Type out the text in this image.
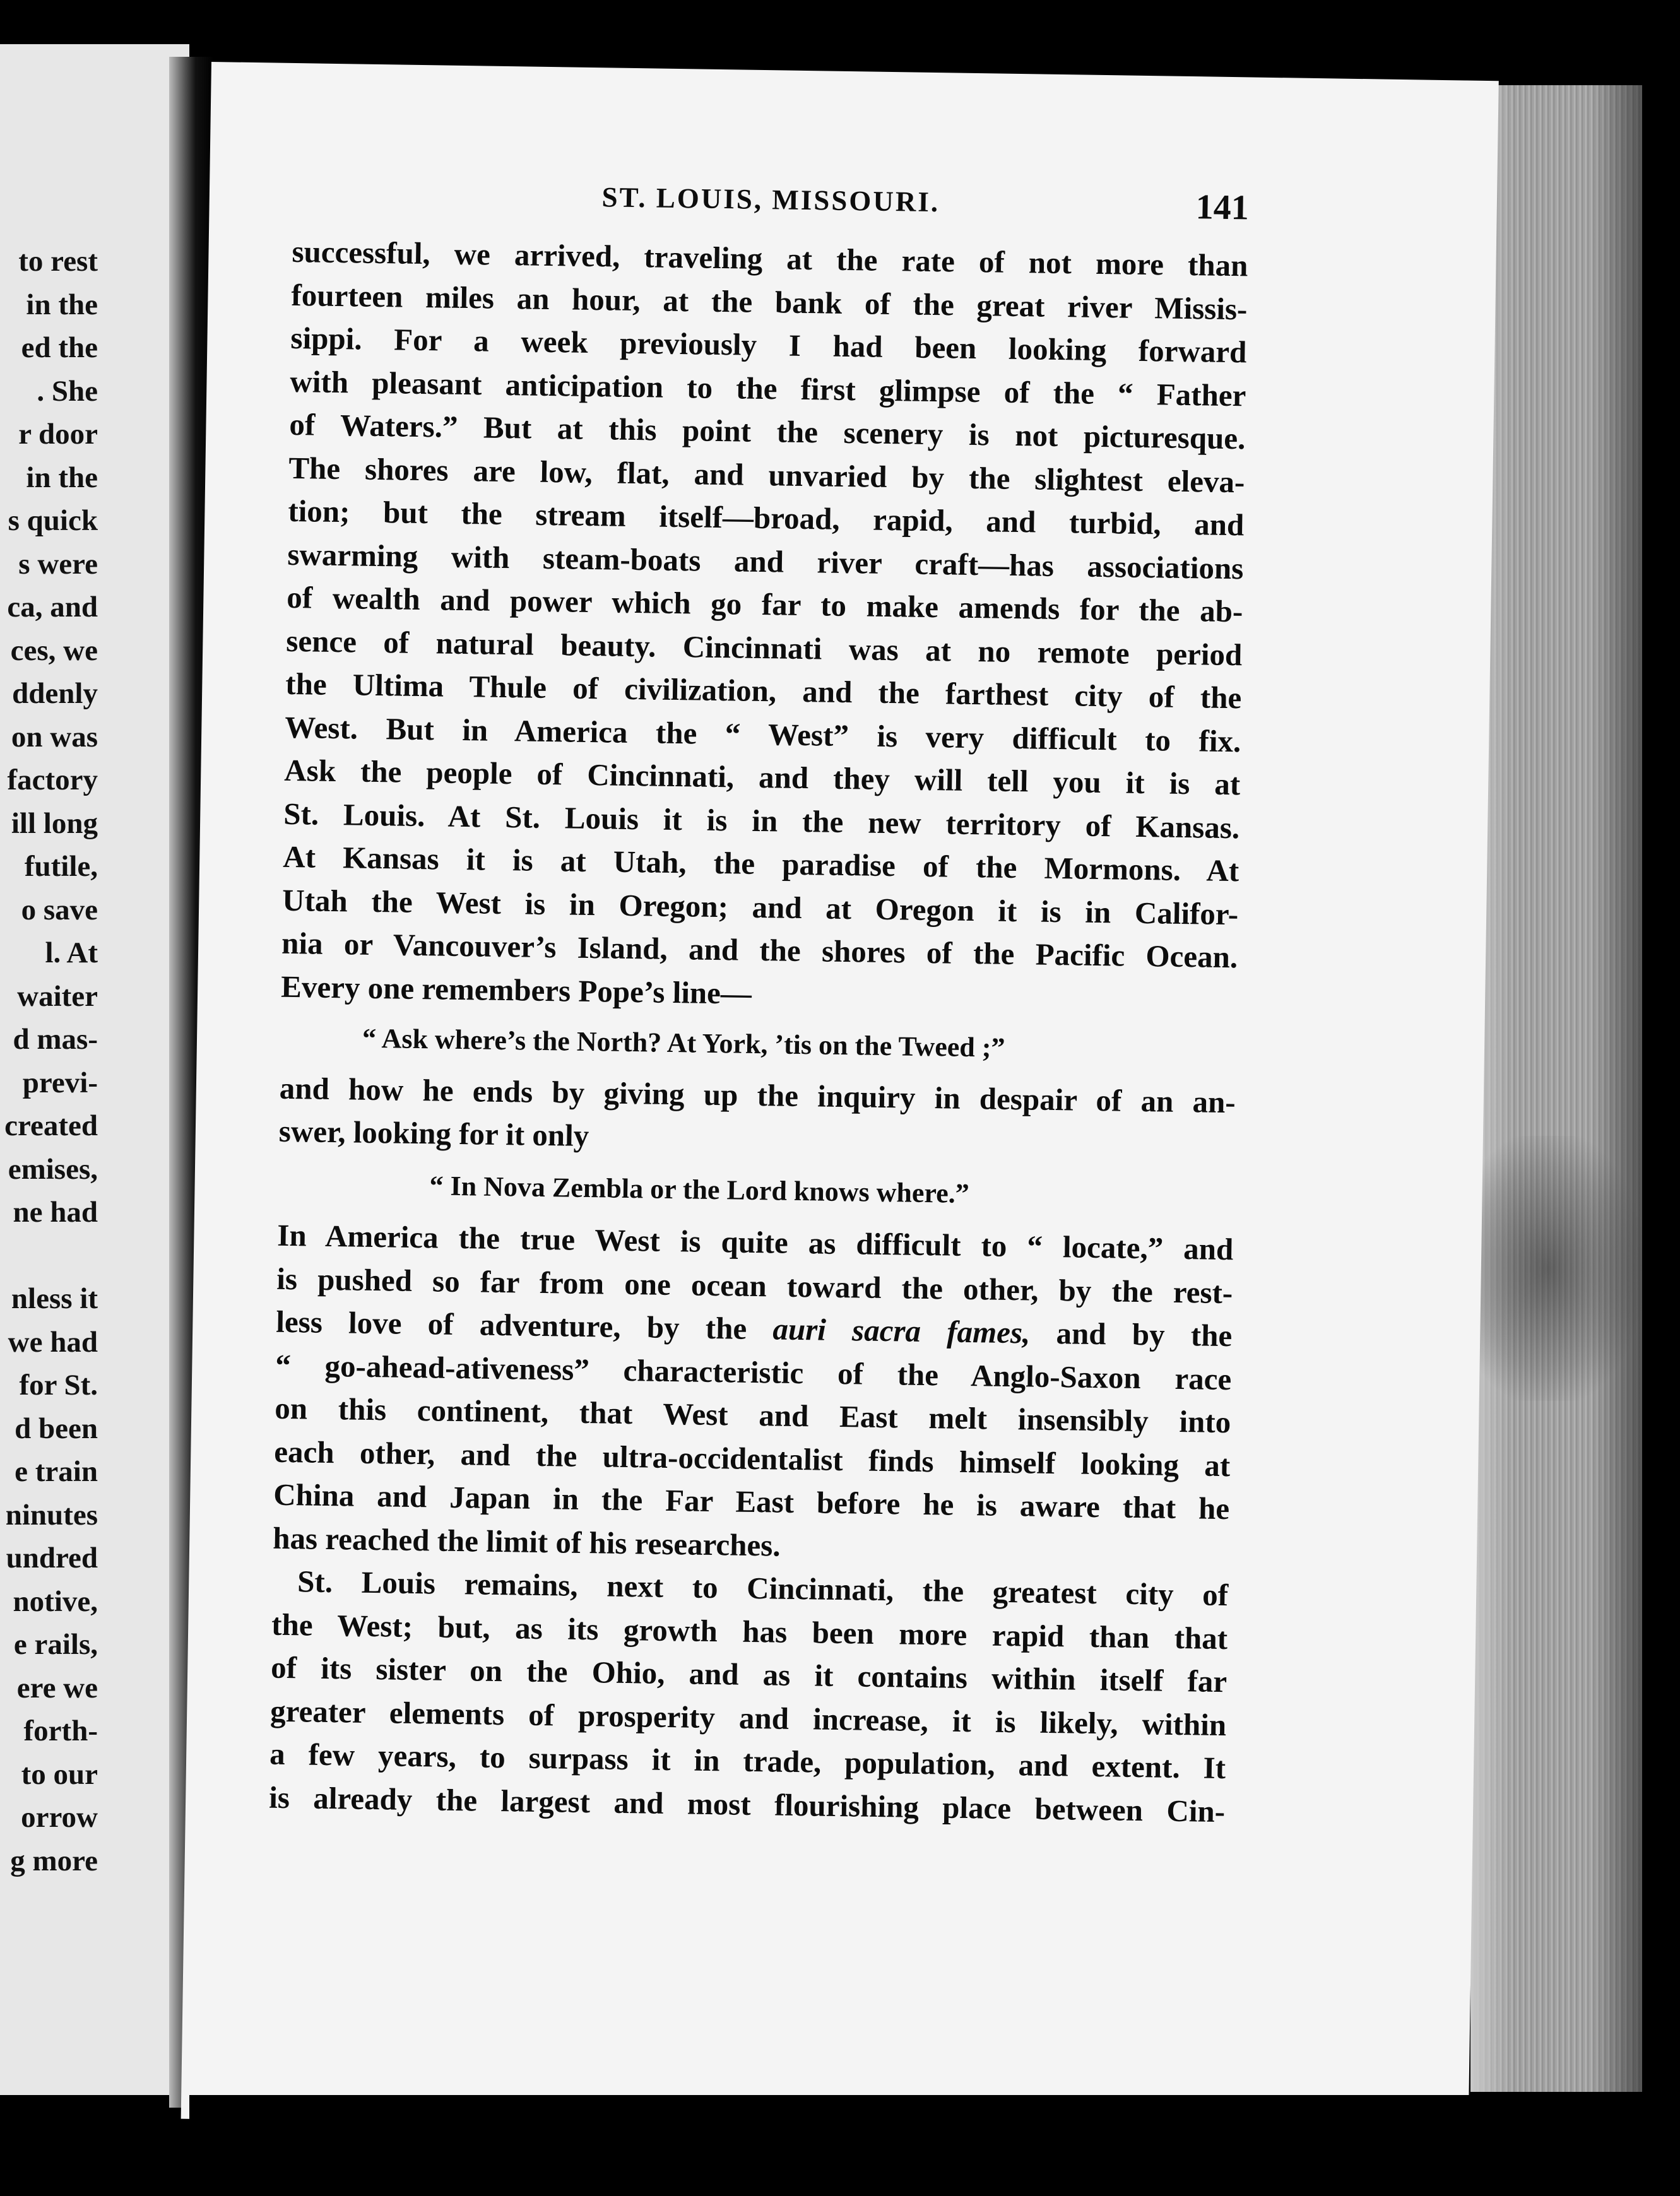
to rest
in the
ed the
. She
r door
in the
s quick
s were
ca, and
ces, we
ddenly
on was
factory
ill long
futile,
o save
l. At
waiter
d mas-
previ-
created
emises,
ne had
nless it
we had
for St.
d been
e train
ninutes
undred
notive,
e rails,
ere we
forth-
to our
orrow
g more
ST. LOUIS, MISSOURI.	141
successful, we arrived, traveling at the rate of not more than
fourteen miles an hour, at the bank of the great river Missis-
sippi. For a week previously I had been looking forward
with pleasant anticipation to the first glimpse of the “ Father
of Waters.” But at this point the scenery is not picturesque.
The shores are low, flat, and unvaried by the slightest eleva-
tion; but the stream itself—broad, rapid, and turbid, and
swarming with steam-boats and river craft—has associations
of wealth and power which go far to make amends for the ab-
sence of natural beauty. Cincinnati was at no remote period
the Ultima Thule of civilization, and the farthest city of the
West. But in America the “ West” is very difficult to fix.
Ask the people of Cincinnati, and they will tell you it is at
St. Louis. At St. Louis it is in the new territory of Kansas.
At Kansas it is at Utah, the paradise of the Mormons. At
Utah the West is in Oregon; and at Oregon it is in Califor-
nia or Vancouver’s Island, and the shores of the Pacific Ocean.
Every one remembers Pope’s line—
“ Ask where’s the North? At York, ’tis on the Tweed ;”
and how he ends by giving up the inquiry in despair of an an-
swer, looking for it only
“ In Nova Zembla or the Lord knows where.”
In America the true West is quite as difficult to “ locate,” and
is pushed so far from one ocean toward the other, by the rest-
less love of adventure, by the auri sacra fames, and by the
“ go-ahead-ativeness” characteristic of the Anglo-Saxon race
on this continent, that West and East melt insensibly into
each other, and the ultra-occidentalist finds himself looking at
China and Japan in the Far East before he is aware that he
has reached the limit of his researches.
St. Louis remains, next to Cincinnati, the greatest city of
the West; but, as its growth has been more rapid than that
of its sister on the Ohio, and as it contains within itself far
greater elements of prosperity and increase, it is likely, within
a few years, to surpass it in trade, population, and extent. It
is already the largest and most flourishing place between Cin-
